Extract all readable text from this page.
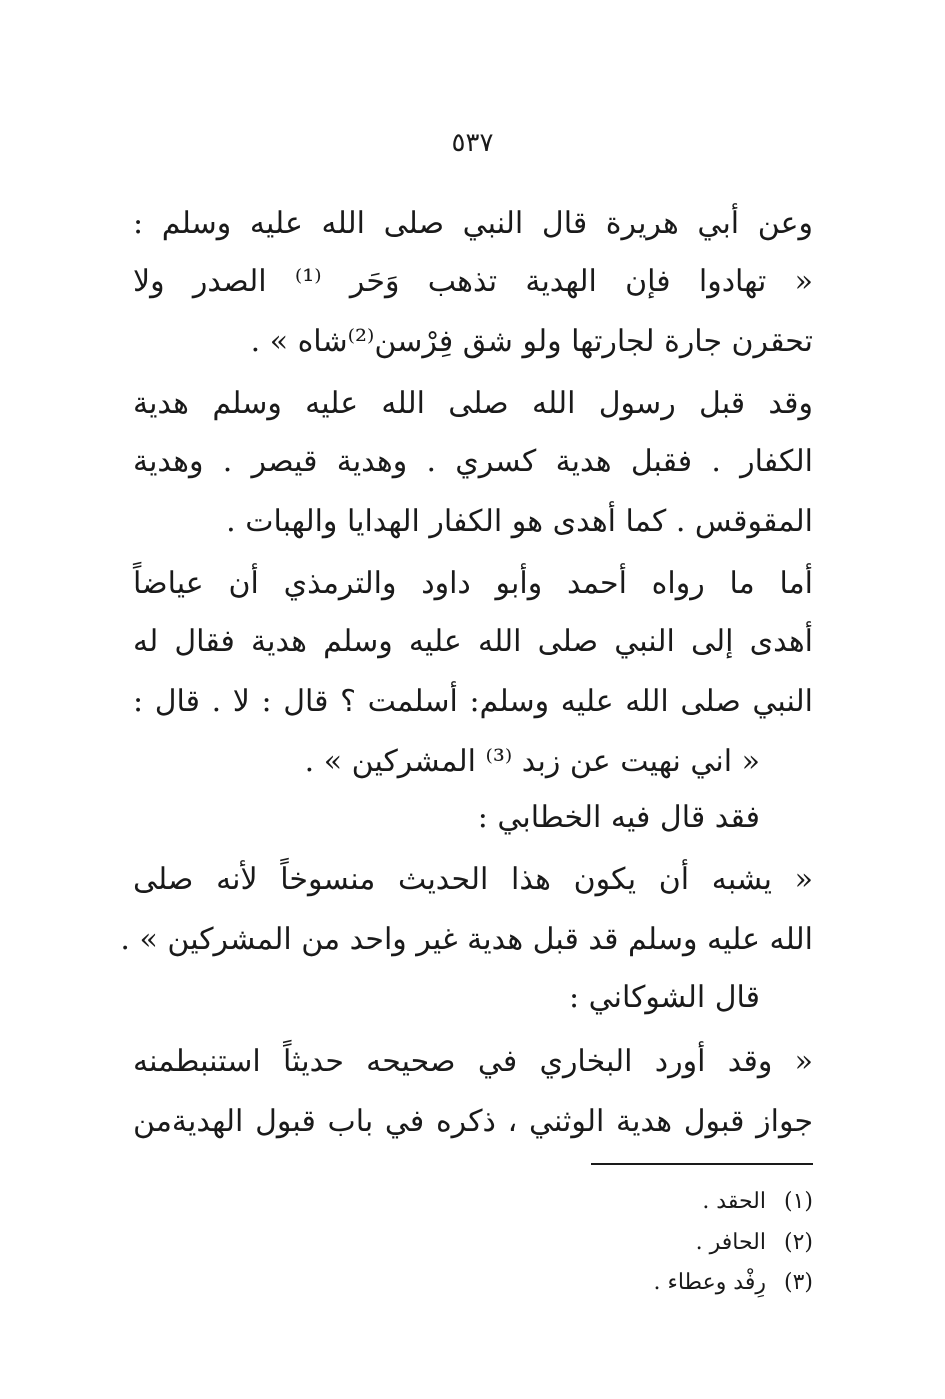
٥٣٧
وعن أبي هريرة قال النبي صلى الله عليه وسلم :
« تهادوا فإن الهدية تذهب وَحَر ⁽¹⁾ الصدر ولا
تحقرن جارة لجارتها ولو شق فِرْسن⁽²⁾شاه » .
وقد قبل رسول الله صلى الله عليه وسلم هدية
الكفار . فقبل هدية كسري . وهدية قيصر . وهدية
المقوقس . كما أهدى هو الكفار الهدايا والهبات .
أما ما رواه أحمد وأبو داود والترمذي أن عياضاً
أهدى إلى النبي صلى الله عليه وسلم هدية فقال له
النبي صلى الله عليه وسلم: أسلمت ؟ قال : لا . قال :
« اني نهيت عن زبد ⁽³⁾ المشركين » .
فقد قال فيه الخطابي :
« يشبه أن يكون هذا الحديث منسوخاً لأنه صلى
الله عليه وسلم قد قبل هدية غير واحد من المشركين » .
قال الشوكاني :
« وقد أورد البخاري في صحيحه حديثاً استنبطمنه
جواز قبول هدية الوثني ، ذكره في باب قبول الهديةمن
(١) الحقد .
(٢) الحافر .
(٣) رِفْد وعطاء .
